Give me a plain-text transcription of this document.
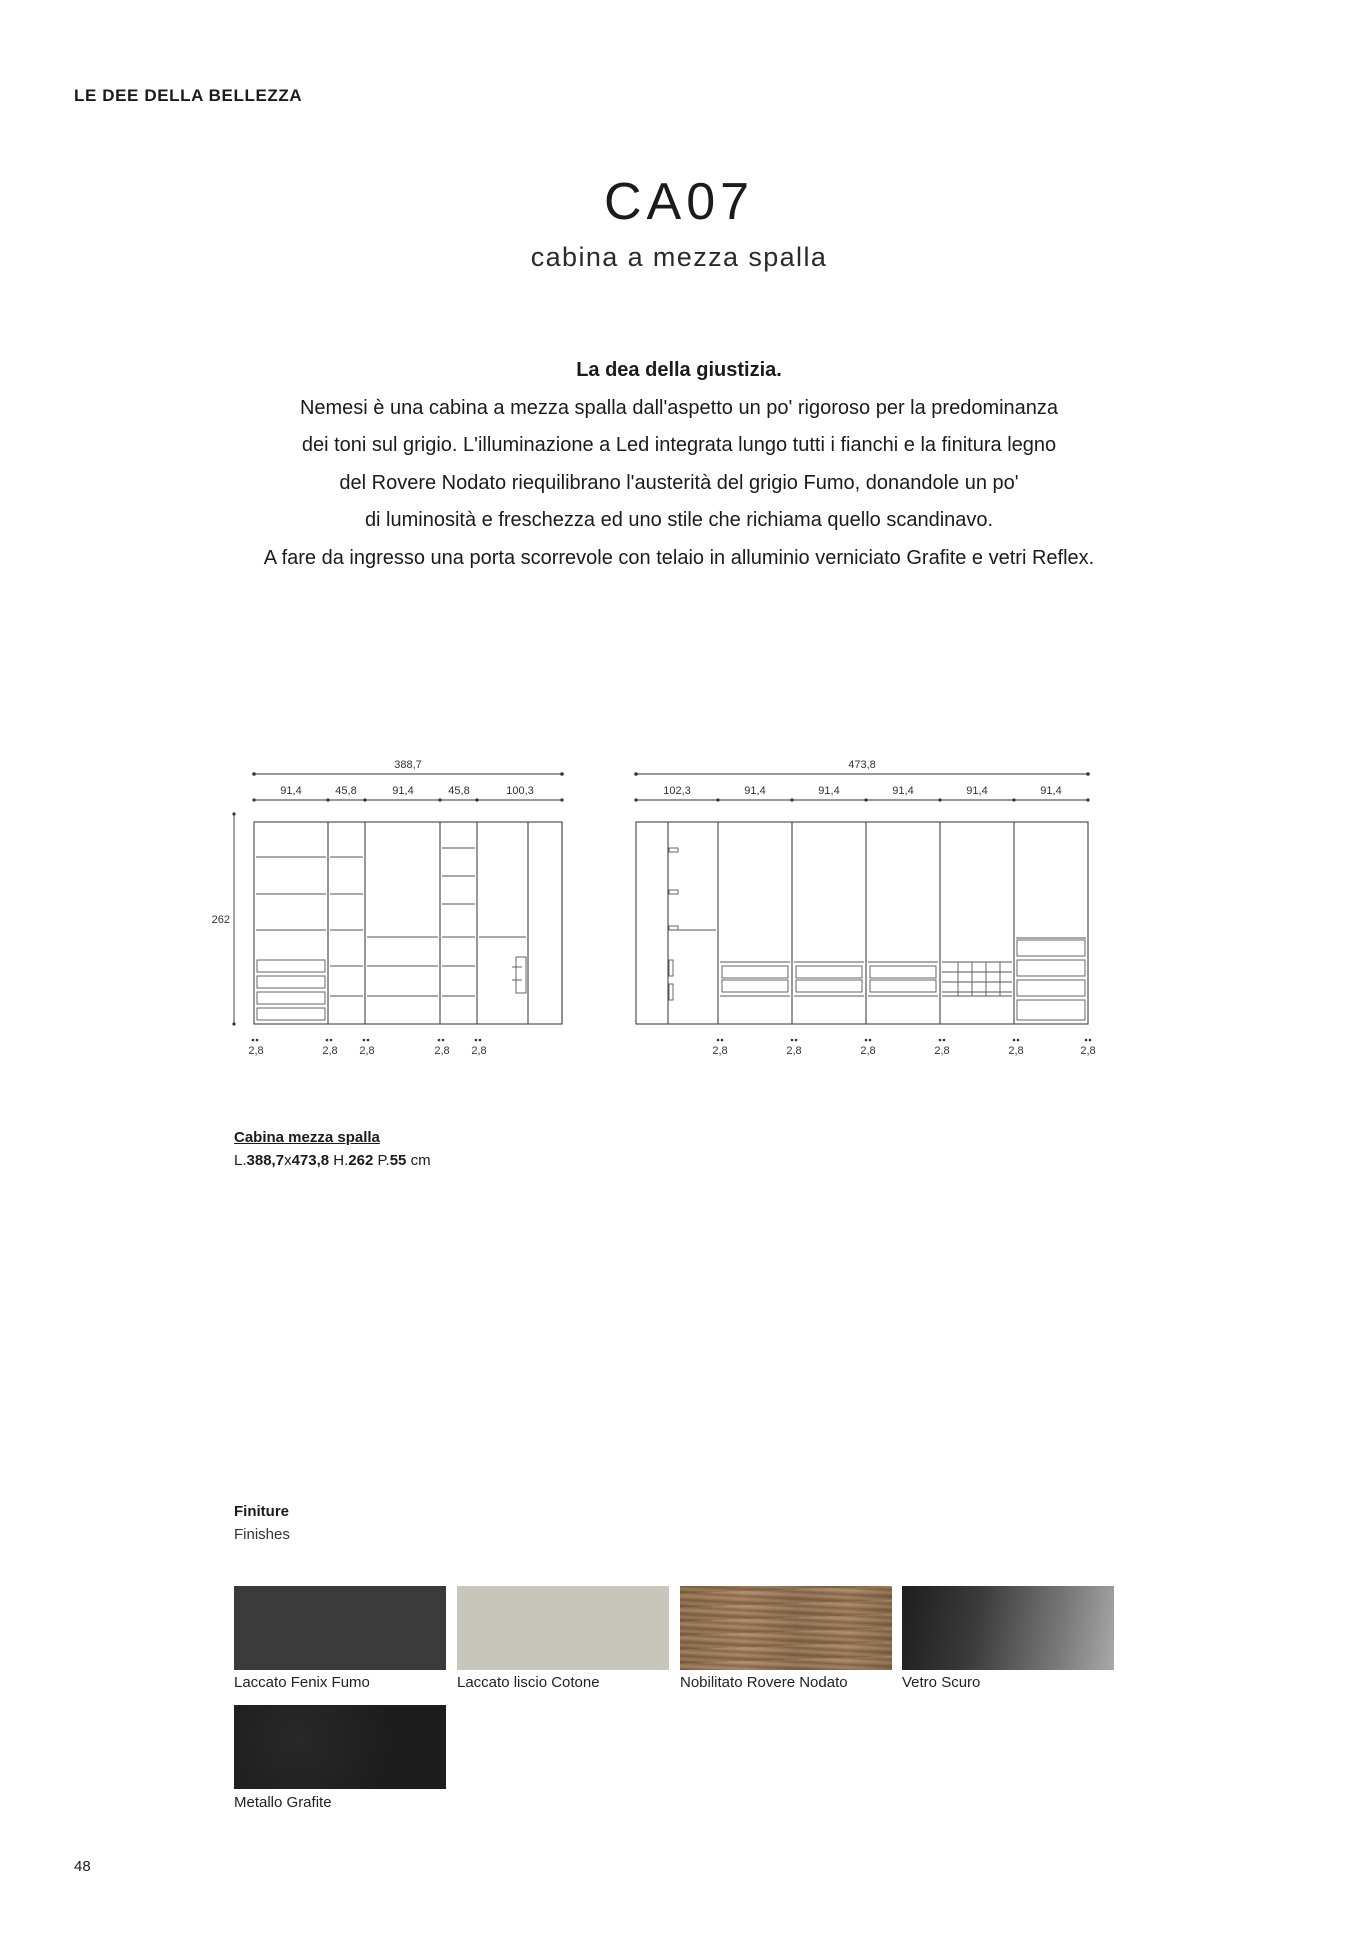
LE DEE DELLA BELLEZZA
CA07
cabina a mezza spalla
La dea della giustizia.
Nemesi è una cabina a mezza spalla dall'aspetto un po' rigoroso per la predominanza
dei toni sul grigio. L'illuminazione a Led integrata lungo tutti i fianchi e la finitura legno
del Rovere Nodato riequilibrano l'austerità del grigio Fumo, donandole un po'
di luminosità e freschezza ed uno stile che richiama quello scandinavo.
A fare da ingresso una porta scorrevole con telaio in alluminio verniciato Grafite e vetri Reflex.
388,7
91,4	45,8	91,4	45,8	100,3
262
2,8	2,8 2,8	2,8 2,8
473,8
102,3	91,4	91,4	91,4	91,4	91,4
2,8	2,8	2,8	2,8	2,8	2,8
Cabina mezza spalla
L.388,7x473,8 H.262 P.55 cm
Finiture
Finishes
Laccato Fenix Fumo	Laccato liscio Cotone	Nobilitato Rovere Nodato	Vetro Scuro
Metallo Grafite
48
